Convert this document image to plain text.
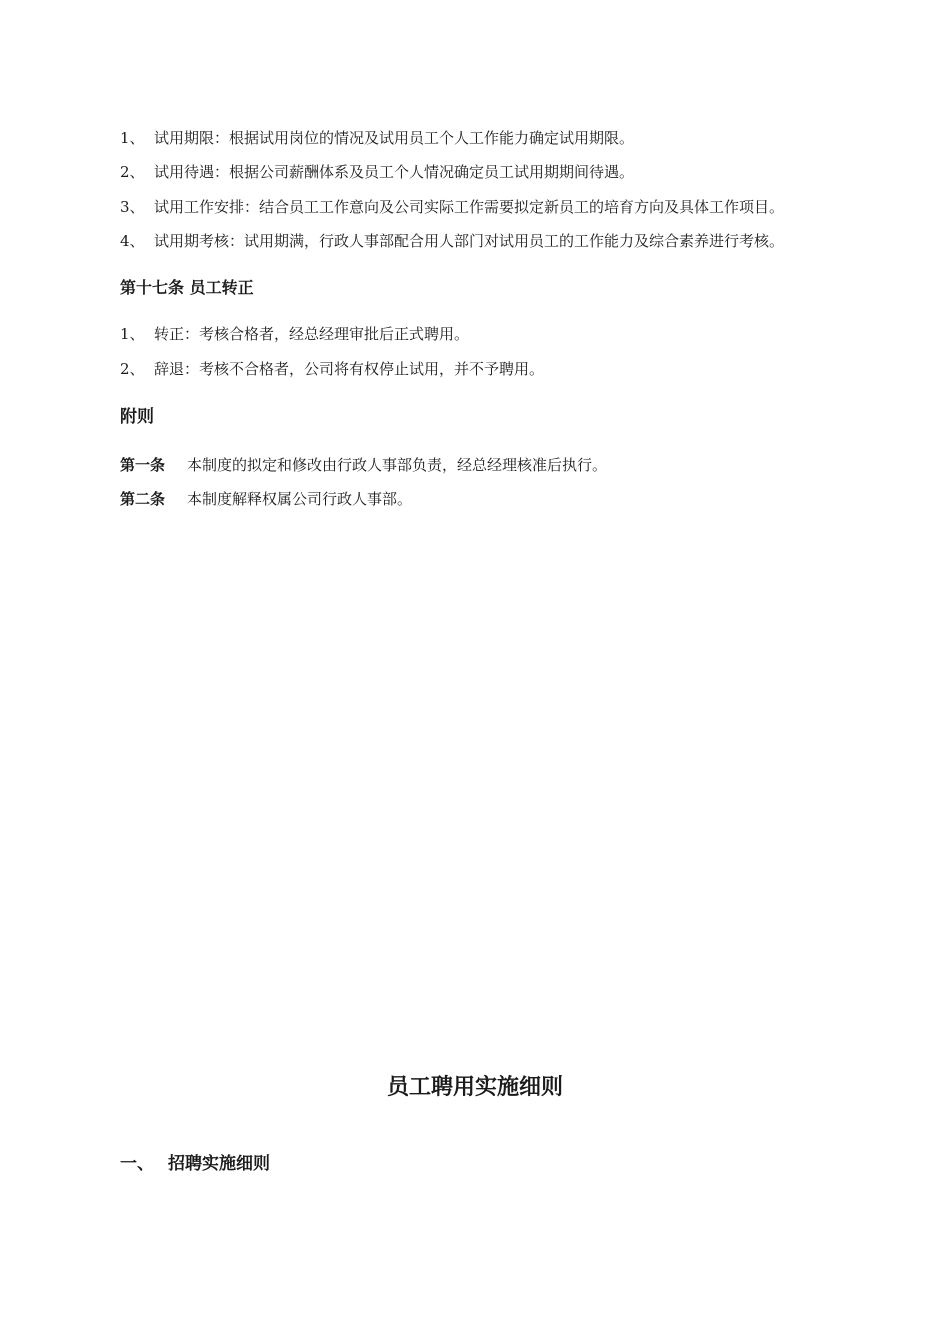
1、 试用期限：根据试用岗位的情况及试用员工个人工作能力确定试用期限。
2、 试用待遇：根据公司薪酬体系及员工个人情况确定员工试用期期间待遇。
3、 试用工作安排：结合员工工作意向及公司实际工作需要拟定新员工的培育方向及具体工作项目。
4、 试用期考核：试用期满，行政人事部配合用人部门对试用员工的工作能力及综合素养进行考核。
第十七条 员工转正
1、 转正：考核合格者，经总经理审批后正式聘用。
2、 辞退：考核不合格者，公司将有权停止试用，并不予聘用。
附则
第一条 本制度的拟定和修改由行政人事部负责，经总经理核准后执行。
第二条 本制度解释权属公司行政人事部。
员工聘用实施细则
一、 招聘实施细则
